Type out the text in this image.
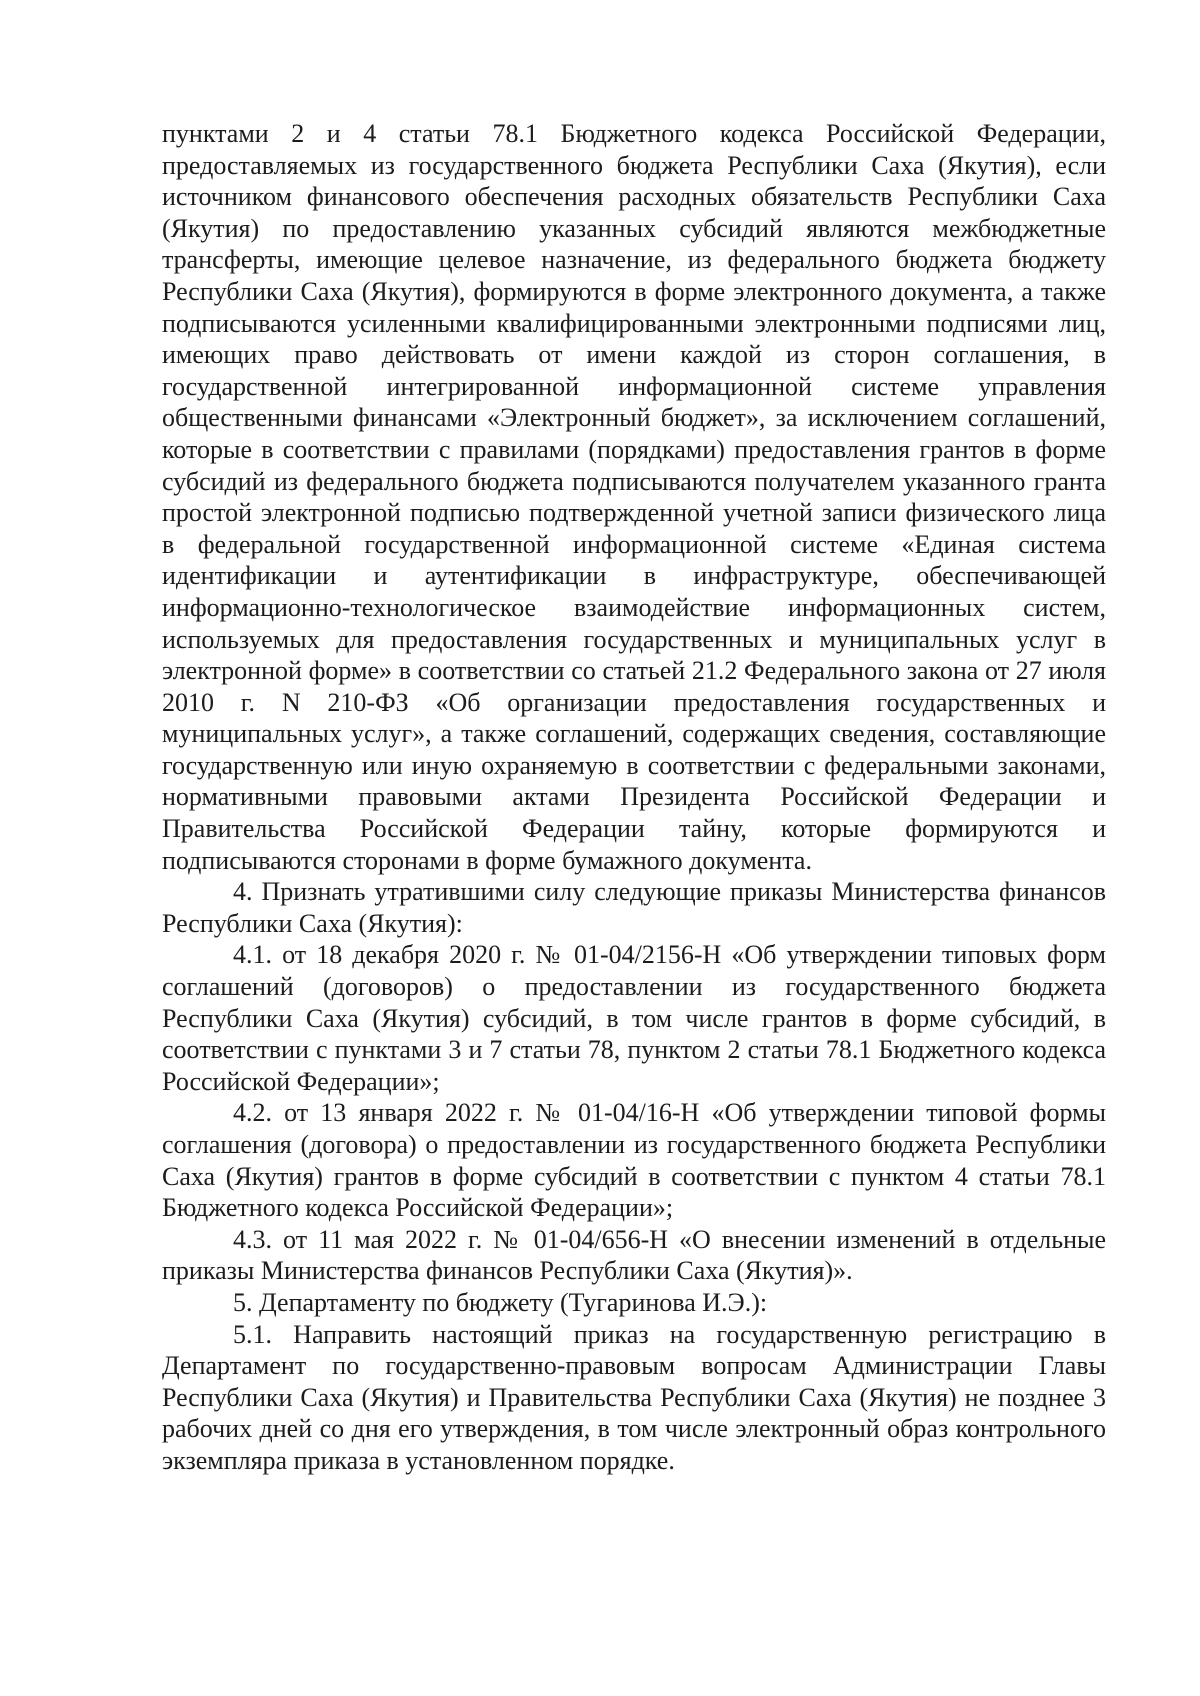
пунктами 2 и 4 статьи 78.1 Бюджетного кодекса Российской Федерации, предоставляемых из государственного бюджета Республики Саха (Якутия), если источником финансового обеспечения расходных обязательств Республики Саха (Якутия) по предоставлению указанных субсидий являются межбюджетные трансферты, имеющие целевое назначение, из федерального бюджета бюджету Республики Саха (Якутия), формируются в форме электронного документа, а также подписываются усиленными квалифицированными электронными подписями лиц, имеющих право действовать от имени каждой из сторон соглашения, в государственной интегрированной информационной системе управления общественными финансами «Электронный бюджет», за исключением соглашений, которые в соответствии с правилами (порядками) предоставления грантов в форме субсидий из федерального бюджета подписываются получателем указанного гранта простой электронной подписью подтвержденной учетной записи физического лица в федеральной государственной информационной системе «Единая система идентификации и аутентификации в инфраструктуре, обеспечивающей информационно-технологическое взаимодействие информационных систем, используемых для предоставления государственных и муниципальных услуг в электронной форме» в соответствии со статьей 21.2 Федерального закона от 27 июля 2010 г. N 210-ФЗ «Об организации предоставления государственных и муниципальных услуг», а также соглашений, содержащих сведения, составляющие государственную или иную охраняемую в соответствии с федеральными законами, нормативными правовыми актами Президента Российской Федерации и Правительства Российской Федерации тайну, которые формируются и подписываются сторонами в форме бумажного документа.

4. Признать утратившими силу следующие приказы Министерства финансов Республики Саха (Якутия):

4.1. от 18 декабря 2020 г. № 01-04/2156-Н «Об утверждении типовых форм соглашений (договоров) о предоставлении из государственного бюджета Республики Саха (Якутия) субсидий, в том числе грантов в форме субсидий, в соответствии с пунктами 3 и 7 статьи 78, пунктом 2 статьи 78.1 Бюджетного кодекса Российской Федерации»;

4.2. от 13 января 2022 г. № 01-04/16-Н «Об утверждении типовой формы соглашения (договора) о предоставлении из государственного бюджета Республики Саха (Якутия) грантов в форме субсидий в соответствии с пунктом 4 статьи 78.1 Бюджетного кодекса Российской Федерации»;

4.3. от 11 мая 2022 г. № 01-04/656-Н «О внесении изменений в отдельные приказы Министерства финансов Республики Саха (Якутия)».

5. Департаменту по бюджету (Тугаринова И.Э.):

5.1. Направить настоящий приказ на государственную регистрацию в Департамент по государственно-правовым вопросам Администрации Главы Республики Саха (Якутия) и Правительства Республики Саха (Якутия) не позднее 3 рабочих дней со дня его утверждения, в том числе электронный образ контрольного экземпляра приказа в установленном порядке.
